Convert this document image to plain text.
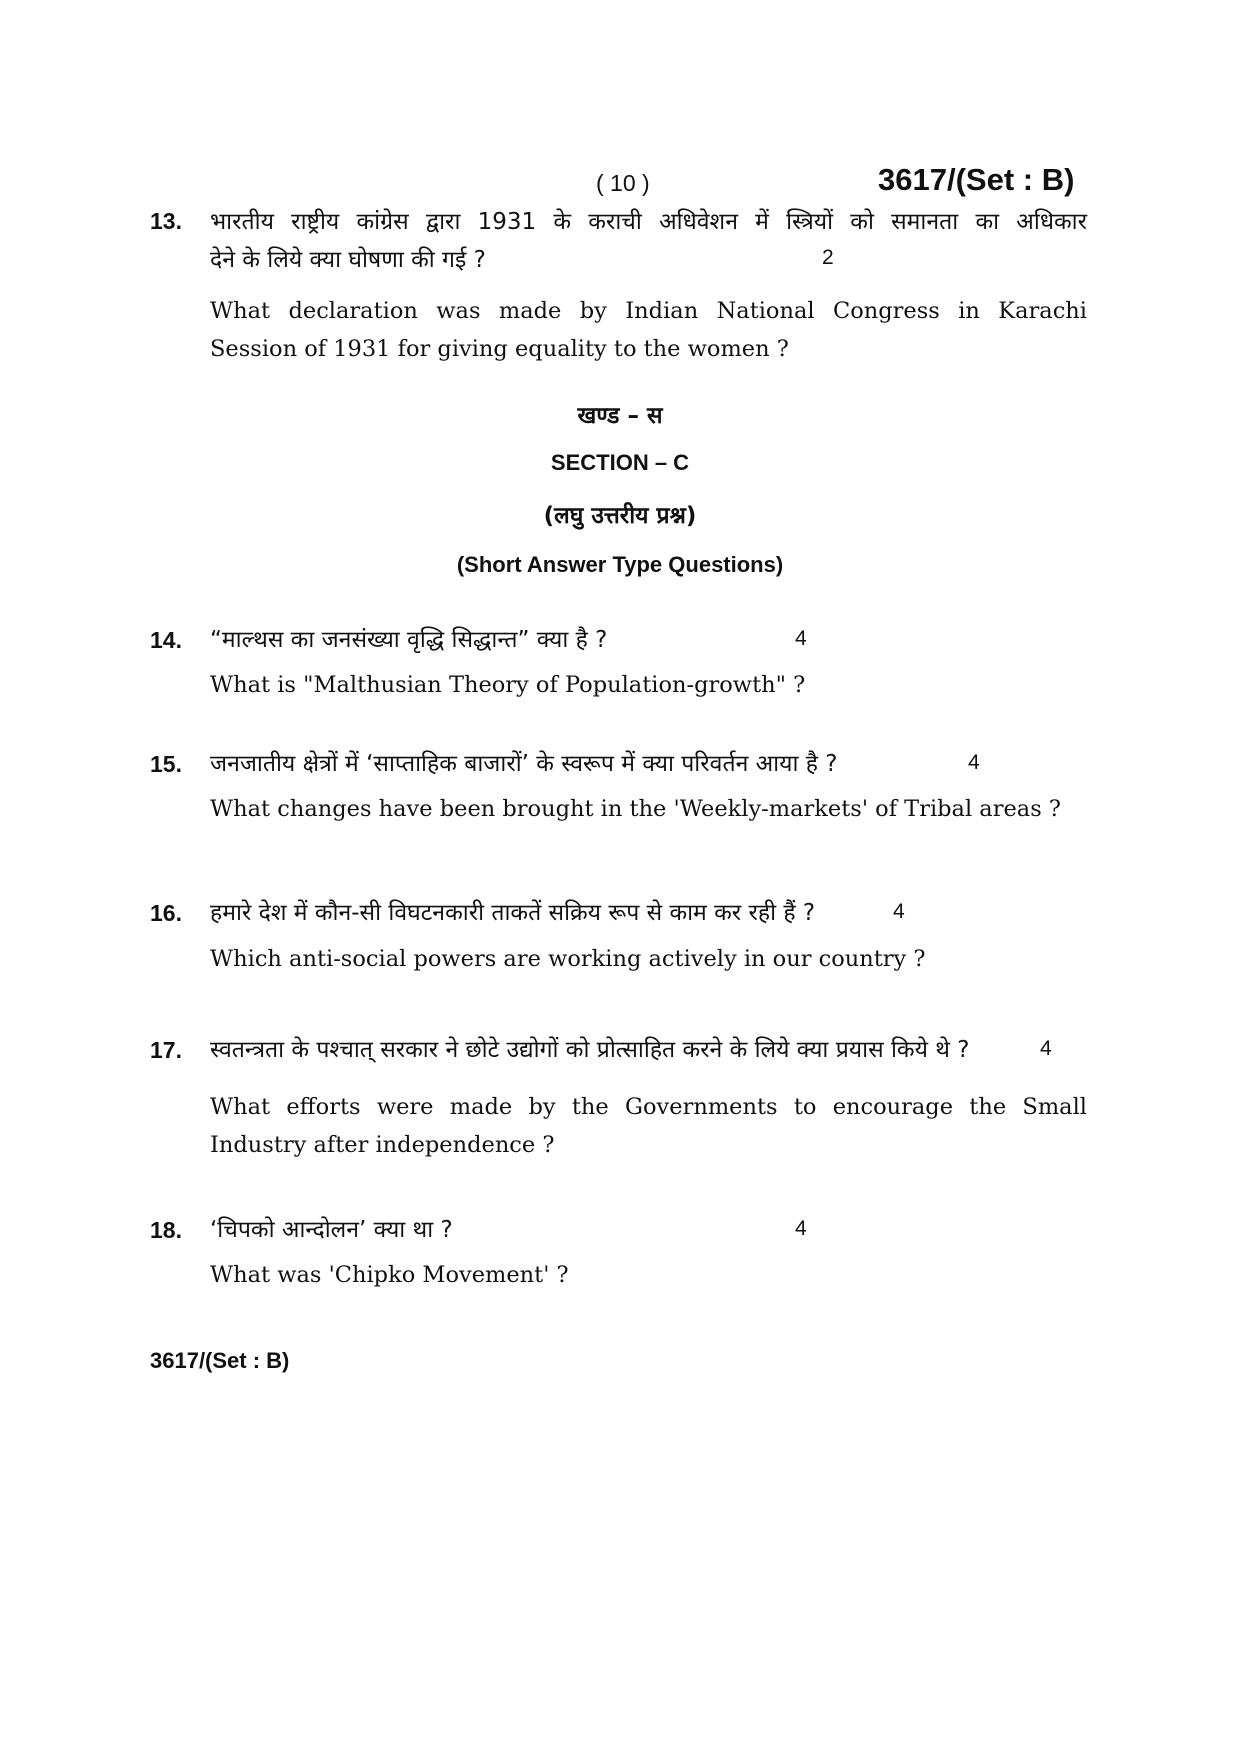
( 10 )	3617/(Set : B)
13. भारतीय राष्ट्रीय कांग्रेस द्वारा 1931 के कराची अधिवेशन में स्त्रियों को समानता का अधिकार
देने के लिये क्या घोषणा की गई ?	2
What declaration was made by Indian National Congress in Karachi
Session of 1931 for giving equality to the women ?
खण्ड – स
SECTION – C
(लघु उत्तरीय प्रश्न)
(Short Answer Type Questions)
14. “माल्थस का जनसंख्या वृद्धि सिद्धान्त” क्या है ?	4
What is "Malthusian Theory of Population-growth" ?
15. जनजातीय क्षेत्रों में ‘साप्ताहिक बाजारों’ के स्वरूप में क्या परिवर्तन आया है ?	4
What changes have been brought in the 'Weekly-markets' of Tribal areas ?
16. हमारे देश में कौन-सी विघटनकारी ताकतें सक्रिय रूप से काम कर रही हैं ?	4
Which anti-social powers are working actively in our country ?
17. स्वतन्त्रता के पश्चात् सरकार ने छोटे उद्योगों को प्रोत्साहित करने के लिये क्या प्रयास किये थे ?	4
What efforts were made by the Governments to encourage the Small
Industry after independence ?
18. ‘चिपको आन्दोलन’ क्या था ?	4
What was 'Chipko Movement' ?
3617/(Set : B)
